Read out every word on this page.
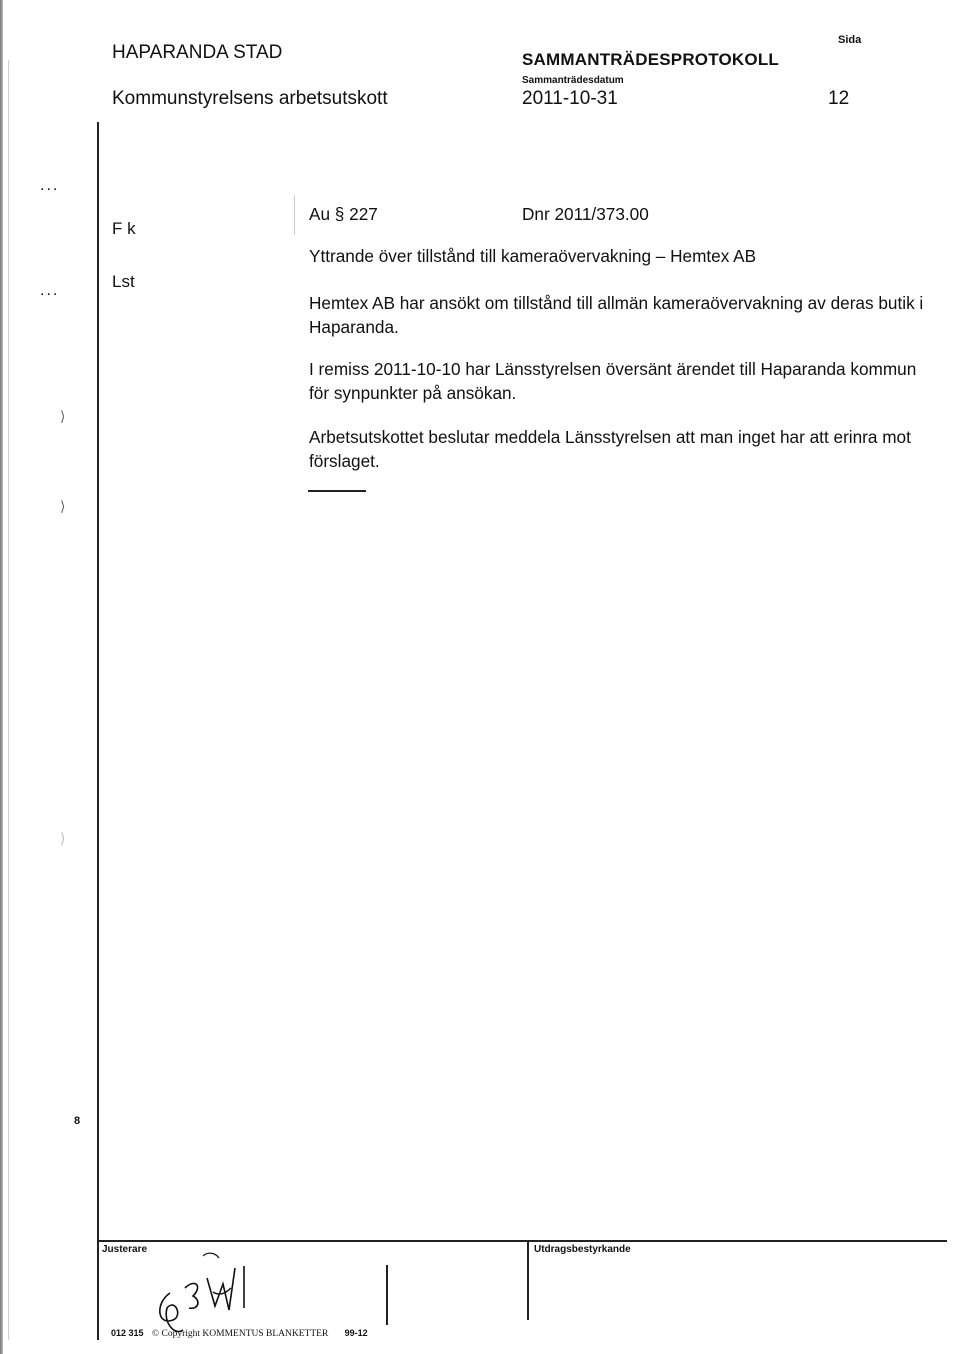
HAPARANDA STAD
Kommunstyrelsens arbetsutskott
SAMMANTRÄDESPROTOKOLL
Sammanträdesdatum
2011-10-31
Sida
12
F k
Lst
...
...
8
⟩
⟩
⟩
Au § 227	Dnr 2011/373.00
Yttrande över tillstånd till kameraövervakning – Hemtex AB
Hemtex AB har ansökt om tillstånd till allmän kameraövervakning av deras butik i Haparanda.
I remiss 2011-10-10 har Länsstyrelsen översänt ärendet till Haparanda kommun för synpunkter på ansökan.
Arbetsutskottet beslutar meddela Länsstyrelsen att man inget har att erinra mot förslaget.
Justerare	Utdragsbestyrkande
012 315 © Copyright KOMMENTUS BLANKETTER 99-12
